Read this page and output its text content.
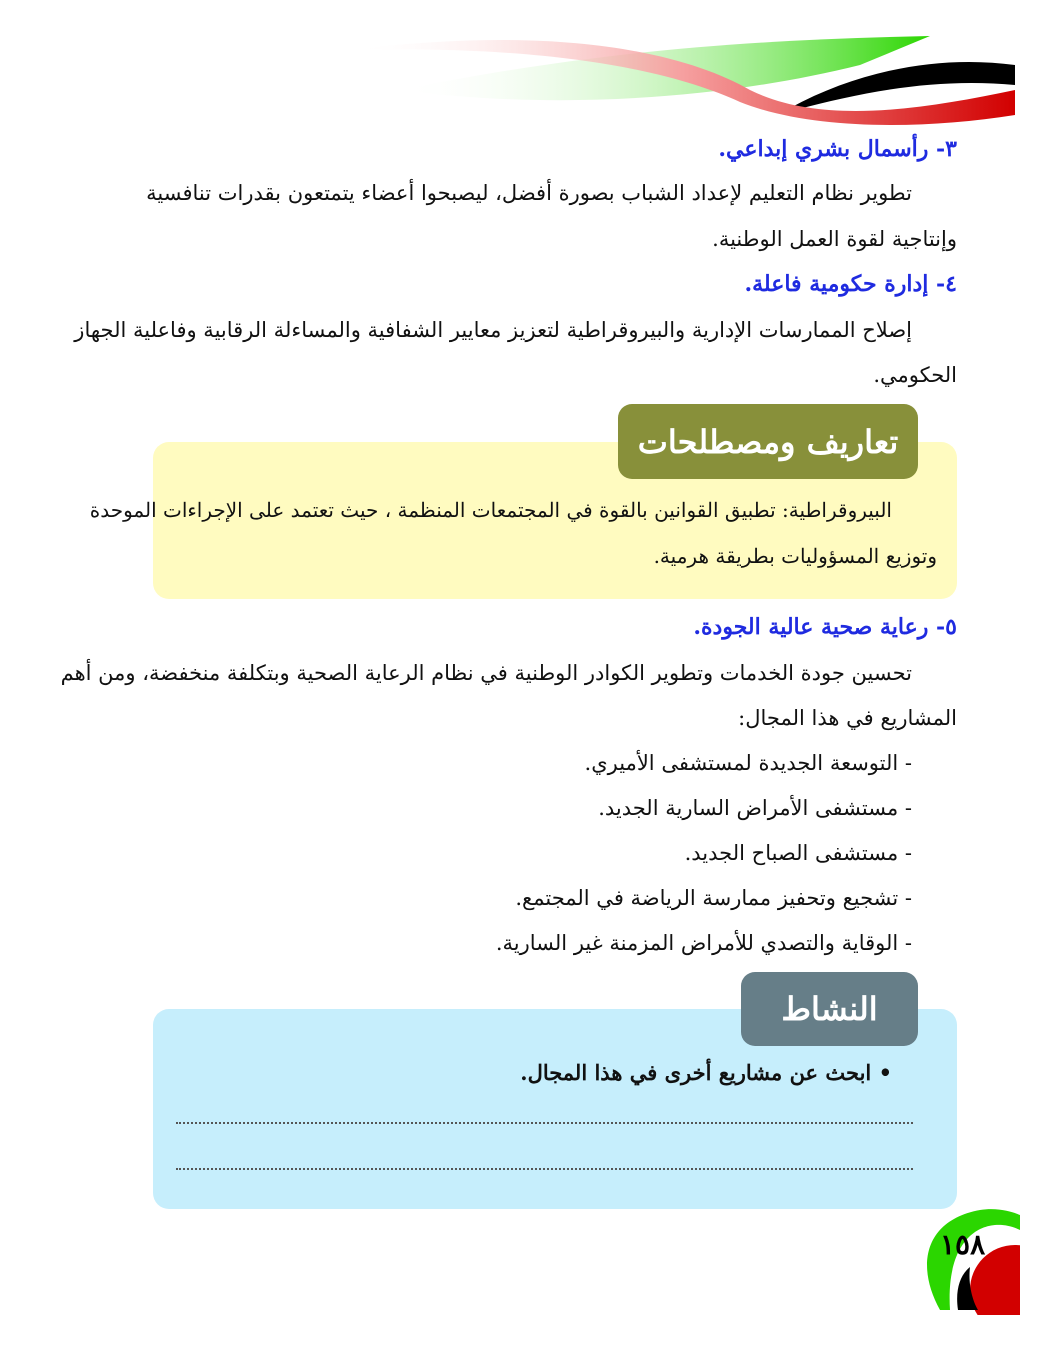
٣- رأسمال بشري إبداعي.
تطوير نظام التعليم لإعداد الشباب بصورة أفضل، ليصبحوا أعضاء يتمتعون بقدرات تنافسية
وإنتاجية لقوة العمل الوطنية.
٤- إدارة حكومية فاعلة.
إصلاح الممارسات الإدارية والبيروقراطية لتعزيز معايير الشفافية والمساءلة الرقابية وفاعلية الجهاز
الحكومي.
تعاريف ومصطلحات
البيروقراطية: تطبيق القوانين بالقوة في المجتمعات المنظمة ، حيث تعتمد على الإجراءات الموحدة
وتوزيع المسؤوليات بطريقة هرمية.
٥- رعاية صحية عالية الجودة.
تحسين جودة الخدمات وتطوير الكوادر الوطنية في نظام الرعاية الصحية وبتكلفة منخفضة، ومن أهم
المشاريع في هذا المجال:
- التوسعة الجديدة لمستشفى الأميري.
- مستشفى الأمراض السارية الجديد.
- مستشفى الصباح الجديد.
- تشجيع وتحفيز ممارسة الرياضة في المجتمع.
- الوقاية والتصدي للأمراض المزمنة غير السارية.
النشاط
• ابحث عن مشاريع أخرى في هذا المجال.
١٥٨
